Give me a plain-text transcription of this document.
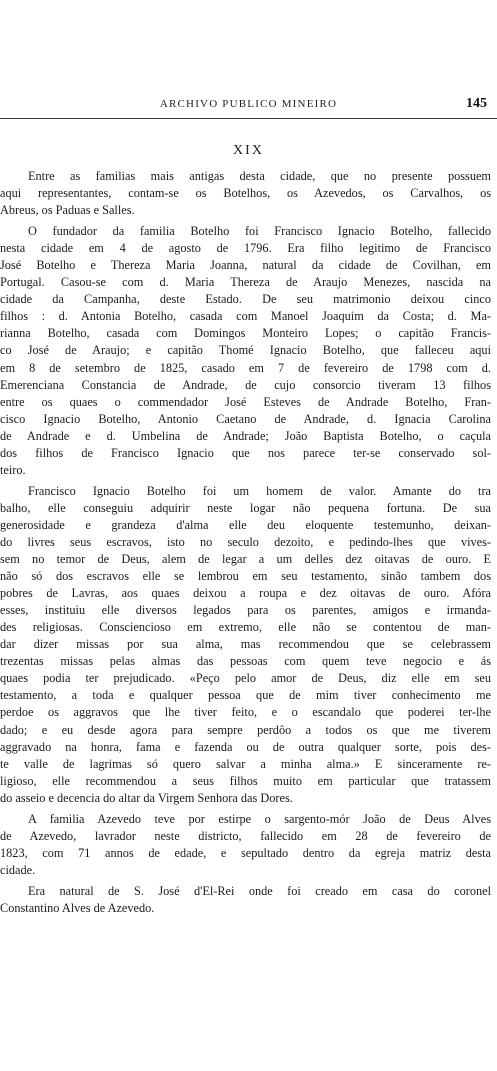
ARCHIVO PUBLICO MINEIRO	145
XIX
Entre as familias mais antigas desta cidade, que no presente possuem
aqui representantes, contam-se os Botelhos, os Azevedos, os Carvalhos, os
Abreus, os Paduas e Salles.
O fundador da familia Botelho foi Francisco Ignacio Botelho, fallecido
nesta cidade em 4 de agosto de 1796. Era filho legitimo de Francisco
José Botelho e Thereza Maria Joanna, natural da cidade de Covilhan, em
Portugal. Casou-se com d. Maria Thereza de Araujo Menezes, nascida na
cidade da Campanha, deste Estado. De seu matrimonio deixou cinco
filhos : d. Antonia Botelho, casada com Manoel Joaquim da Costa; d. Ma-
rianna Botelho, casada com Domingos Monteiro Lopes; o capitão Francis-
co José de Araujo; e capitão Thomé Ignacio Botelho, que falleceu aqui
em 8 de setembro de 1825, casado em 7 de fevereiro de 1798 com d.
Emerenciana Constancia de Andrade, de cujo consorcio tiveram 13 filhos
entre os quaes o commendador José Esteves de Andrade Botelho, Fran-
cisco Ignacio Botelho, Antonio Caetano de Andrade, d. Ignacia Carolina
de Andrade e d. Umbelina de Andrade; João Baptista Botelho, o caçula
dos filhos de Francisco Ignacio que nos parece ter-se conservado sol-
teiro.
Francisco Ignacio Botelho foi um homem de valor. Amante do tra
balho, elle conseguiu adquirir neste logar não pequena fortuna. De sua
generosidade e grandeza d'alma elle deu eloquente testemunho, deixan-
do livres seus escravos, isto no seculo dezoito, e pedindo-lhes que vives-
sem no temor de Deus, alem de legar a um delles dez oitavas de ouro. E
não só dos escravos elle se lembrou em seu testamento, sinão tambem dos
pobres de Lavras, aos quaes deixou a roupa e dez oitavas de ouro. Afóra
esses, instituiu elle diversos legados para os parentes, amigos e irmanda-
des religiosas. Consciencioso em extremo, elle não se contentou de man-
dar dizer missas por sua alma, mas recommendou que se celebrassem
trezentas missas pelas almas das pessoas com quem teve negocio e ás
quaes podia ter prejudicado. «Peço pelo amor de Deus, diz elle em seu
testamento, a toda e qualquer pessoa que de mim tiver conhecimento me
perdoe os aggravos que lhe tiver feito, e o escandalo que poderei ter-lhe
dado; e eu desde agora para sempre perdôo a todos os que me tiverem
aggravado na honra, fama e fazenda ou de outra qualquer sorte, pois des-
te valle de lagrimas só quero salvar a minha alma.» E sinceramente re-
ligioso, elle recommendou a seus filhos muito em particular que tratassem
do asseio e decencia do altar da Virgem Senhora das Dores.
A familia Azevedo teve por estirpe o sargento-mór João de Deus Alves
de Azevedo, lavrador neste districto, fallecido em 28 de fevereiro de
1823, com 71 annos de edade, e sepultado dentro da egreja matriz desta
cidade.
Era natural de S. José d'El-Rei onde foi creado em casa do coronel
Constantino Alves de Azevedo.
